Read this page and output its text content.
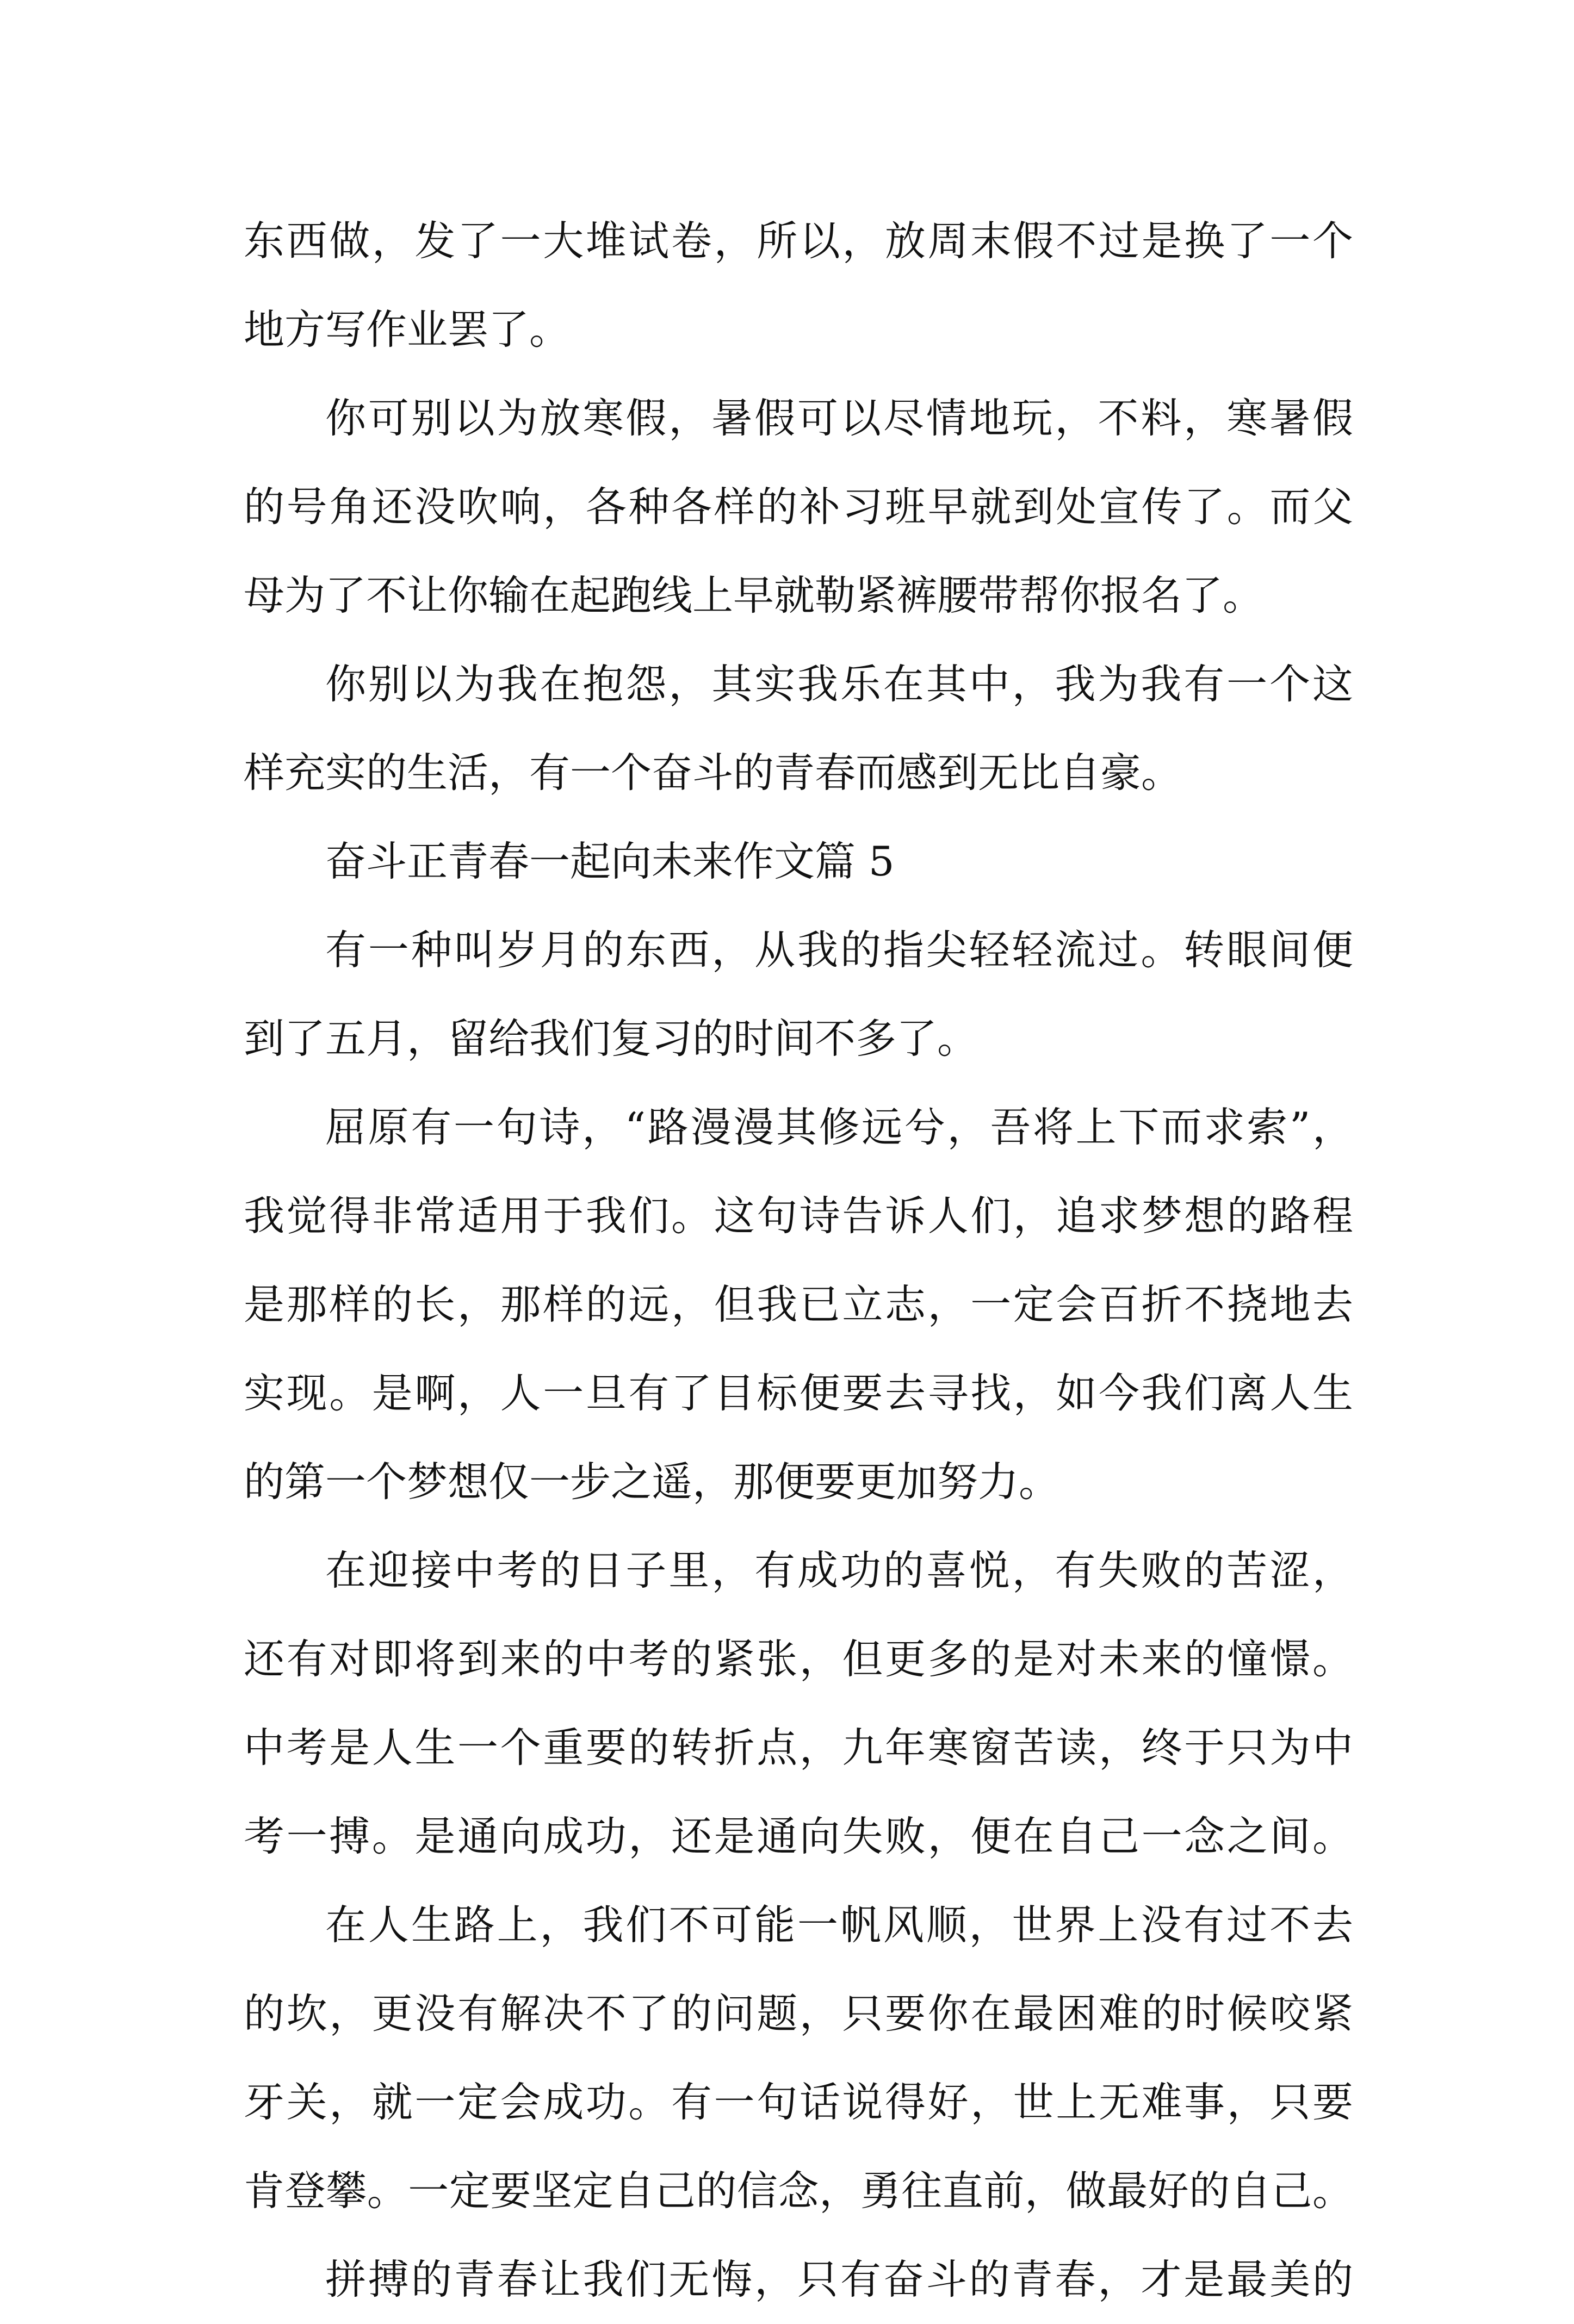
东西做，发了一大堆试卷，所以，放周末假不过是换了一个
地方写作业罢了。
你可别以为放寒假，暑假可以尽情地玩，不料，寒暑假
的号角还没吹响，各种各样的补习班早就到处宣传了。而父
母为了不让你输在起跑线上早就勒紧裤腰带帮你报名了。
你别以为我在抱怨，其实我乐在其中，我为我有一个这
样充实的生活，有一个奋斗的青春而感到无比自豪。
奋斗正青春一起向未来作文篇 5
有一种叫岁月的东西，从我的指尖轻轻流过。转眼间便
到了五月，留给我们复习的时间不多了。
屈原有一句诗，“路漫漫其修远兮，吾将上下而求索”，
我觉得非常适用于我们。这句诗告诉人们，追求梦想的路程
是那样的长，那样的远，但我已立志，一定会百折不挠地去
实现。是啊，人一旦有了目标便要去寻找，如今我们离人生
的第一个梦想仅一步之遥，那便要更加努力。
在迎接中考的日子里，有成功的喜悦，有失败的苦涩，
还有对即将到来的中考的紧张，但更多的是对未来的憧憬。
中考是人生一个重要的转折点，九年寒窗苦读，终于只为中
考一搏。是通向成功，还是通向失败，便在自己一念之间。
在人生路上，我们不可能一帆风顺，世界上没有过不去
的坎，更没有解决不了的问题，只要你在最困难的时候咬紧
牙关，就一定会成功。有一句话说得好，世上无难事，只要
肯登攀。一定要坚定自己的信念，勇往直前，做最好的自己。
拼搏的青春让我们无悔，只有奋斗的青春，才是最美的
